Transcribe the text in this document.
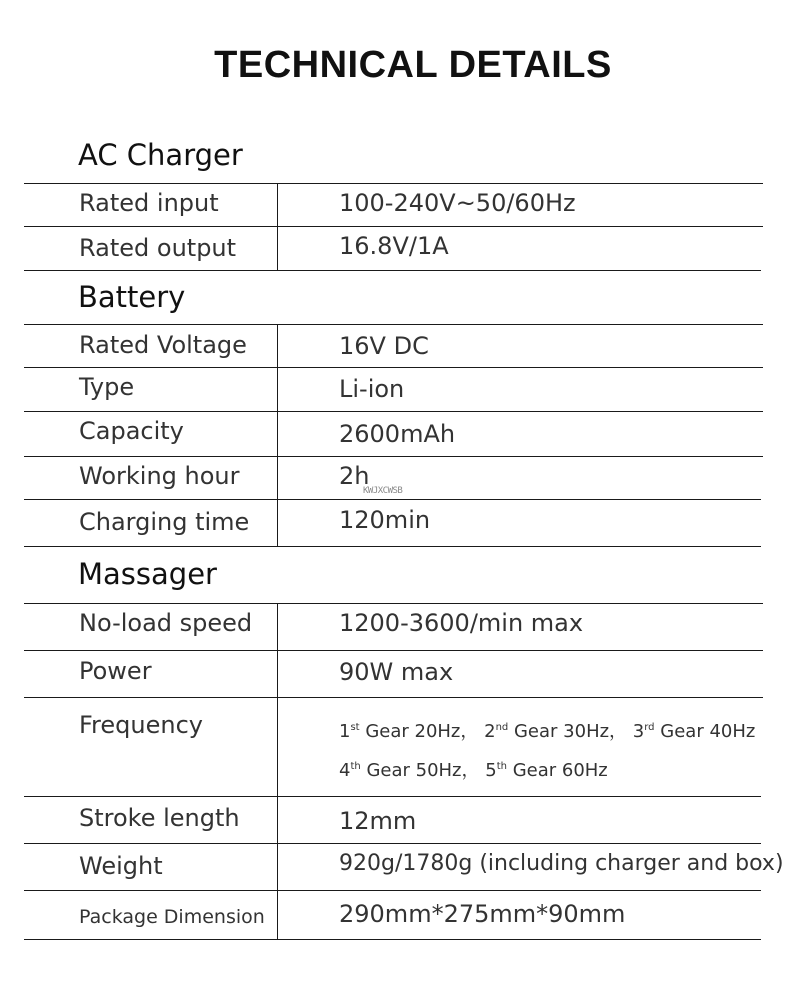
TECHNICAL DETAILS
AC Charger
Rated input	100-240V~50/60Hz
Rated output	16.8V/1A
Battery
Rated Voltage	16V DC
Type	Li-ion
Capacity	2600mAh
Working hour	2h
KWJXCWSB
Charging time	120min
Massager
No-load speed	1200-3600/min max
Power	90W max
Frequency	1st Gear 20Hz， 2nd Gear 30Hz， 3rd Gear 40Hz
4th Gear 50Hz， 5th Gear 60Hz
Stroke length	12mm
Weight	920g/1780g (including charger and box)
Package Dimension	290mm*275mm*90mm
